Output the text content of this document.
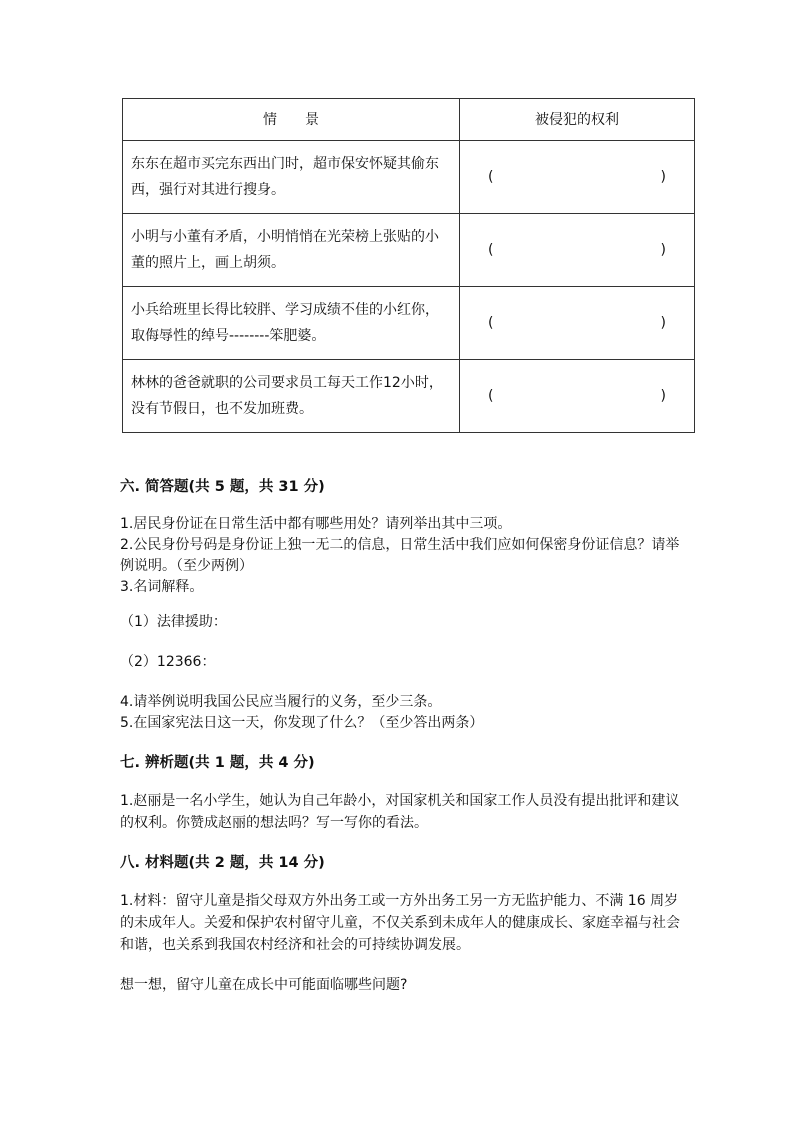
情　　景	被侵犯的权利
东东在超市买完东西出门时，超市保安怀疑其偷东西，强行对其进行搜身。	( )

小明与小董有矛盾，小明悄悄在光荣榜上张贴的小董的照片上，画上胡须。	( )

小兵给班里长得比较胖、学习成绩不佳的小红你，取侮辱性的绰号--------笨肥婆。	( )

林林的爸爸就职的公司要求员工每天工作12小时，没有节假日，也不发加班费。	( )

六. 简答题(共 5 题，共 31 分)

1.居民身份证在日常生活中都有哪些用处？请列举出其中三项。

2.公民身份号码是身份证上独一无二的信息，日常生活中我们应如何保密身份证信息？请举例说明。（至少两例）

3.名词解释。

（1）法律援助：

（2）12366：

4.请举例说明我国公民应当履行的义务，至少三条。

5.在国家宪法日这一天，你发现了什么？（至少答出两条）

七. 辨析题(共 1 题，共 4 分)

1.赵丽是一名小学生，她认为自己年龄小，对国家机关和国家工作人员没有提出批评和建议的权利。你赞成赵丽的想法吗？写一写你的看法。

八. 材料题(共 2 题，共 14 分)

1.材料：留守儿童是指父母双方外出务工或一方外出务工另一方无监护能力、不满 16 周岁的未成年人。关爱和保护农村留守儿童，不仅关系到未成年人的健康成长、家庭幸福与社会和谐，也关系到我国农村经济和社会的可持续协调发展。

想一想，留守儿童在成长中可能面临哪些问题?
